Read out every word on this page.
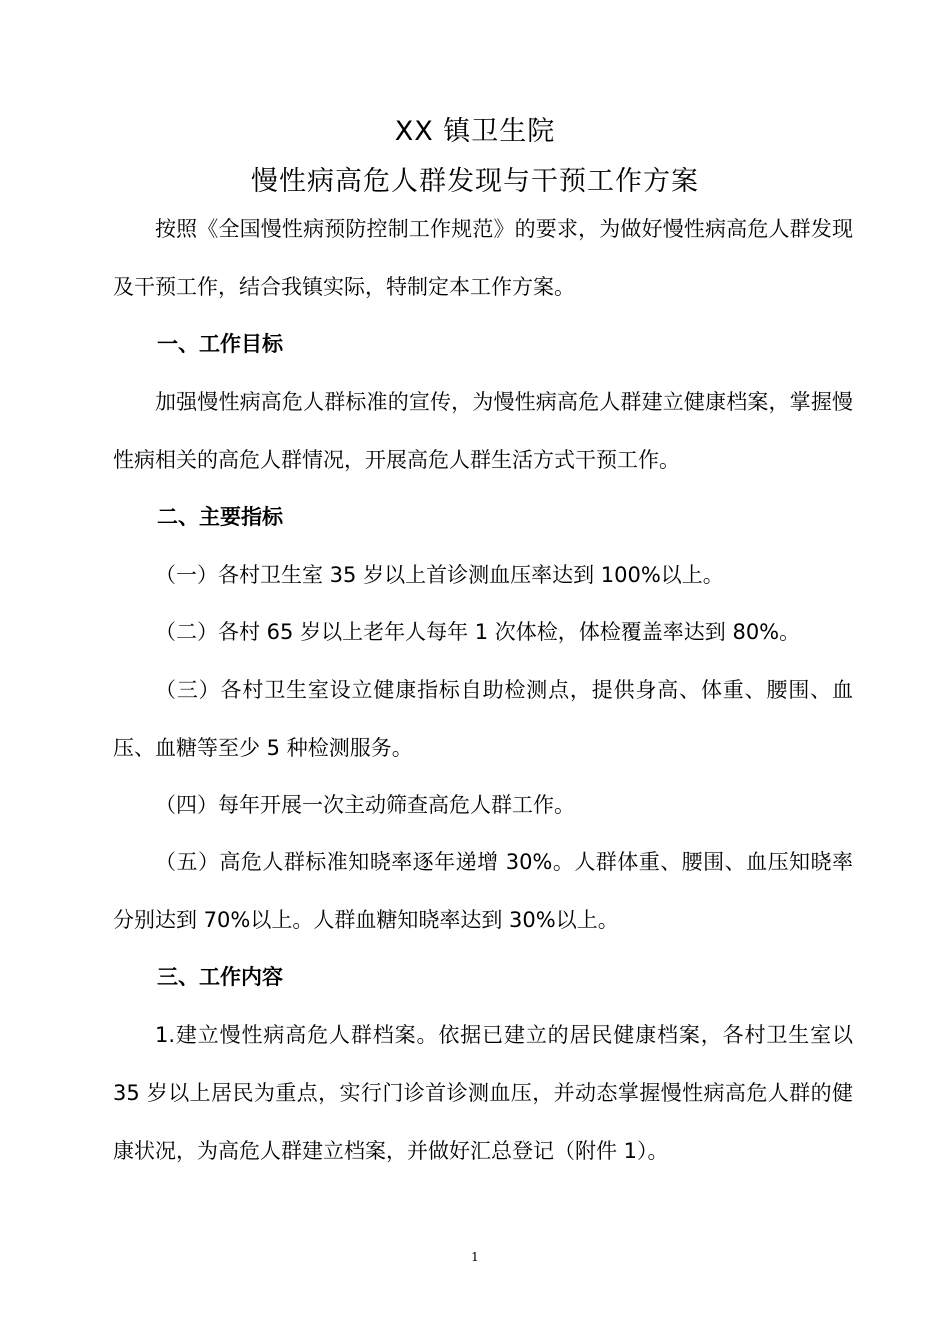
XX 镇卫生院
慢性病高危人群发现与干预工作方案

按照《全国慢性病预防控制工作规范》的要求，为做好慢性病高危人群发现及干预工作，结合我镇实际，特制定本工作方案。

一、工作目标

加强慢性病高危人群标准的宣传，为慢性病高危人群建立健康档案，掌握慢性病相关的高危人群情况，开展高危人群生活方式干预工作。

二、主要指标

（一）各村卫生室 35 岁以上首诊测血压率达到 100%以上。

（二）各村 65 岁以上老年人每年 1 次体检，体检覆盖率达到 80%。

（三）各村卫生室设立健康指标自助检测点，提供身高、体重、腰围、血压、血糖等至少 5 种检测服务。

（四）每年开展一次主动筛查高危人群工作。

（五）高危人群标准知晓率逐年递增 30%。人群体重、腰围、血压知晓率分别达到 70%以上。人群血糖知晓率达到 30%以上。

三、工作内容

1.建立慢性病高危人群档案。依据已建立的居民健康档案，各村卫生室以 35 岁以上居民为重点，实行门诊首诊测血压，并动态掌握慢性病高危人群的健康状况，为高危人群建立档案，并做好汇总登记（附件 1）。

1
